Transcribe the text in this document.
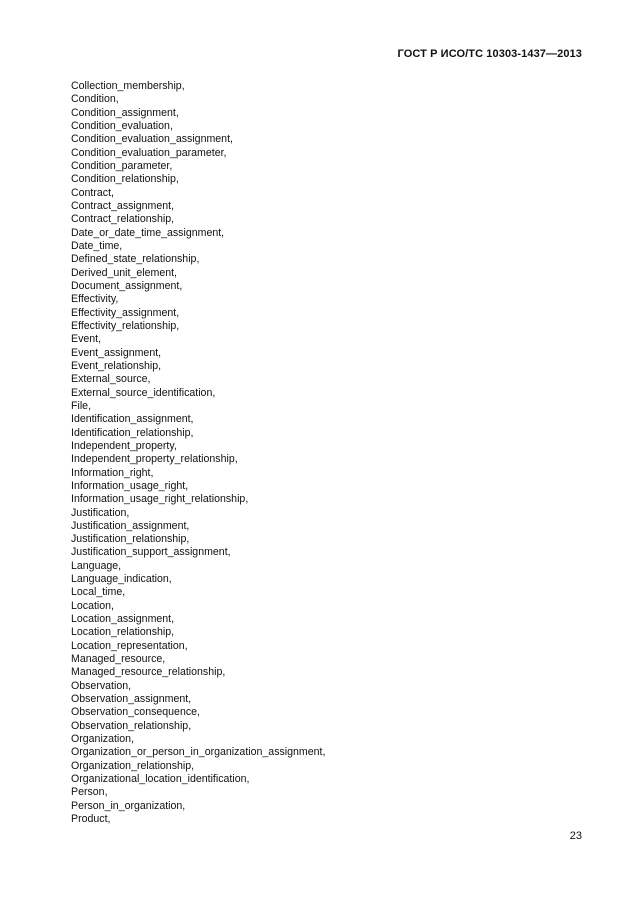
ГОСТ Р ИСО/ТС 10303-1437—2013
Collection_membership,
Condition,
Condition_assignment,
Condition_evaluation,
Condition_evaluation_assignment,
Condition_evaluation_parameter,
Condition_parameter,
Condition_relationship,
Contract,
Contract_assignment,
Contract_relationship,
Date_or_date_time_assignment,
Date_time,
Defined_state_relationship,
Derived_unit_element,
Document_assignment,
Effectivity,
Effectivity_assignment,
Effectivity_relationship,
Event,
Event_assignment,
Event_relationship,
External_source,
External_source_identification,
File,
Identification_assignment,
Identification_relationship,
Independent_property,
Independent_property_relationship,
Information_right,
Information_usage_right,
Information_usage_right_relationship,
Justification,
Justification_assignment,
Justification_relationship,
Justification_support_assignment,
Language,
Language_indication,
Local_time,
Location,
Location_assignment,
Location_relationship,
Location_representation,
Managed_resource,
Managed_resource_relationship,
Observation,
Observation_assignment,
Observation_consequence,
Observation_relationship,
Organization,
Organization_or_person_in_organization_assignment,
Organization_relationship,
Organizational_location_identification,
Person,
Person_in_organization,
Product,
23
